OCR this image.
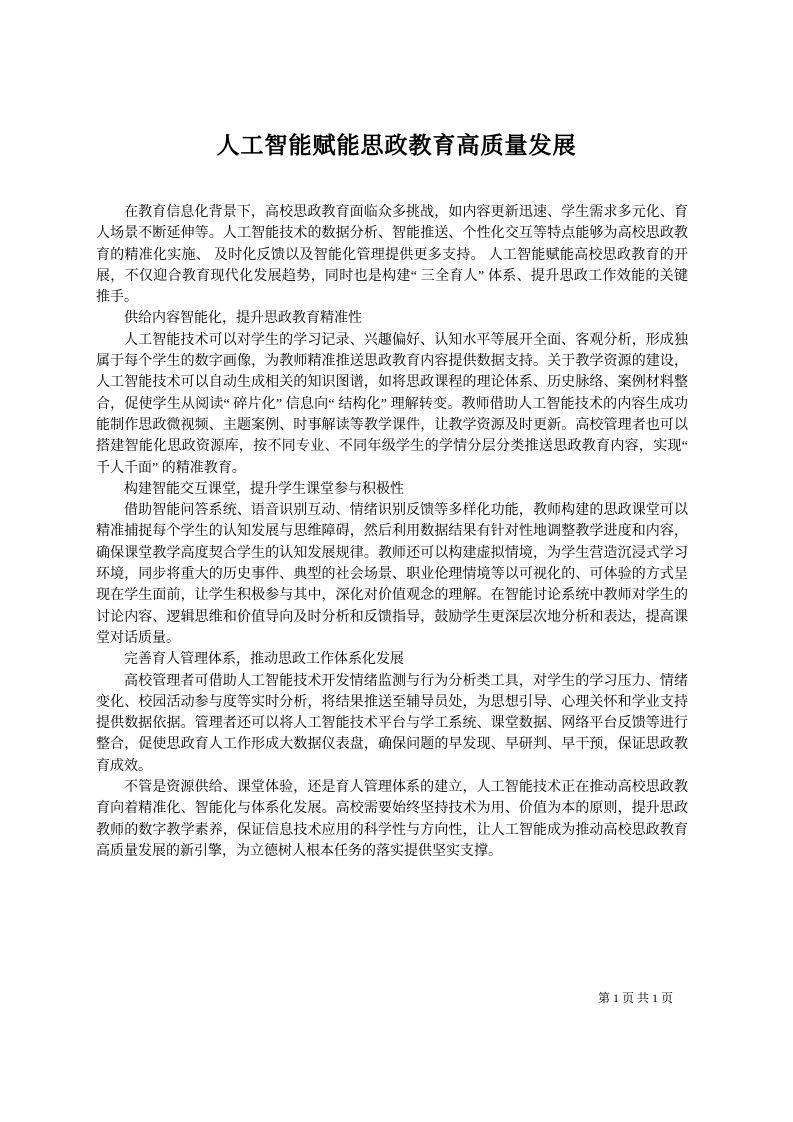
人工智能赋能思政教育高质量发展

在教育信息化背景下，高校思政教育面临众多挑战，如内容更新迅速、学生需求多元化、育人场景不断延伸等。人工智能技术的数据分析、智能推送、个性化交互等特点能够为高校思政教育的精准化实施、 及时化反馈以及智能化管理提供更多支持。 人工智能赋能高校思政教育的开展，不仅迎合教育现代化发展趋势，同时也是构建“ 三全育人” 体系、提升思政工作效能的关键推手。

供给内容智能化，提升思政教育精准性

人工智能技术可以对学生的学习记录、兴趣偏好、认知水平等展开全面、客观分析，形成独属于每个学生的数字画像，为教师精准推送思政教育内容提供数据支持。关于教学资源的建设，人工智能技术可以自动生成相关的知识图谱，如将思政课程的理论体系、历史脉络、案例材料整合，促使学生从阅读“ 碎片化” 信息向“ 结构化” 理解转变。教师借助人工智能技术的内容生成功能制作思政微视频、主题案例、时事解读等教学课件，让教学资源及时更新。高校管理者也可以搭建智能化思政资源库，按不同专业、不同年级学生的学情分层分类推送思政教育内容，实现“ 千人千面” 的精准教育。

构建智能交互课堂，提升学生课堂参与积极性

借助智能问答系统、语音识别互动、情绪识别反馈等多样化功能，教师构建的思政课堂可以精准捕捉每个学生的认知发展与思维障碍，然后利用数据结果有针对性地调整教学进度和内容，确保课堂教学高度契合学生的认知发展规律。教师还可以构建虚拟情境，为学生营造沉浸式学习环境，同步将重大的历史事件、典型的社会场景、职业伦理情境等以可视化的、可体验的方式呈现在学生面前，让学生积极参与其中，深化对价值观念的理解。在智能讨论系统中教师对学生的讨论内容、逻辑思维和价值导向及时分析和反馈指导，鼓励学生更深层次地分析和表达，提高课堂对话质量。

完善育人管理体系，推动思政工作体系化发展

高校管理者可借助人工智能技术开发情绪监测与行为分析类工具，对学生的学习压力、情绪变化、校园活动参与度等实时分析，将结果推送至辅导员处，为思想引导、心理关怀和学业支持提供数据依据。管理者还可以将人工智能技术平台与学工系统、课堂数据、网络平台反馈等进行整合，促使思政育人工作形成大数据仪表盘，确保问题的早发现、早研判、早干预，保证思政教育成效。

不管是资源供给、课堂体验，还是育人管理体系的建立，人工智能技术正在推动高校思政教育向着精准化、智能化与体系化发展。高校需要始终坚持技术为用、价值为本的原则，提升思政教师的数字教学素养，保证信息技术应用的科学性与方向性，让人工智能成为推动高校思政教育高质量发展的新引擎，为立德树人根本任务的落实提供坚实支撑。

第 1 页 共 1 页
